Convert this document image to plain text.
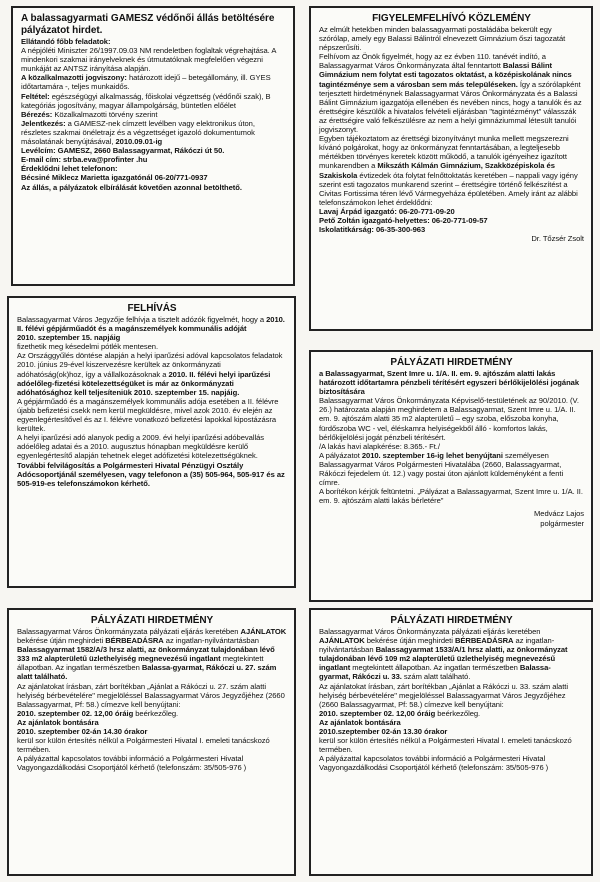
A balassagyarmati GAMESZ védőnői állás betöltésére pályázatot hirdet.

Ellátandó főbb feladatok:

A népjóléti Miniszter 26/1997.09.03 NM rendeletben foglaltak végrehajtása. A mindenkori szakmai irányelveknek és útmutatóknak megfelelően végezni munkáját az ANTSZ irányítása alapján.

A közalkalmazotti jogviszony: határozott idejű – betegállomány, ill. GYES időtartamára -, teljes munkaidős.

Feltétel: egészségügyi alkalmasság, főiskolai végzettség (védőnői szak), B kategóriás jogosítvány, magyar állampolgárság, büntetlen előélet

Bérezés: Közalkalmazotti törvény szerint

Jelentkezés: a GAMESZ-nek címzett levélben vagy elektronikus úton, részletes szakmai önéletrajz és a végzettséget igazoló dokumentumok másolatának benyújtásával, 2010.09.01-ig

Levélcím: GAMESZ, 2660 Balassagyarmat, Rákóczi út 50.

E-mail cím: strba.eva@profinter .hu

Érdeklődni lehet telefonon:

Bécsiné Miklecz Marietta igazgatónál 06-20/771-0937

Az állás, a pályázatok elbírálását követően azonnal betölthető.

FIGYELEMFELHÍVÓ KÖZLEMÉNY

Az elmúlt hetekben minden balassagyarmati postaládába bekerült egy szórólap, amely egy Balassi Bálintról elnevezett Gimnázium őszi tagozatát népszerűsíti.

Felhívom az Önök figyelmét, hogy az ez évben 110. tanévét indító, a Balassagyarmat Város Önkormányzata által fenntartott Balassi Bálint Gimnázium nem folytat esti tagozatos oktatást, a középiskolának nincs tagintézménye sem a városban sem más településeken. Így a szórólapként terjesztett hirdetménynek Balassagyarmat Város Önkormányzata és a Balassi Bálint Gimnázium igazgatója ellenében és nevében nincs, hogy a tanulók és az érettségire készülők a hivatalos felvételi eljárásban "tagintézményt" válasszák az érettségire való felkészülésre az nem a helyi gimnáziummal létesült tanulói jogviszonyt.

Egyben tájékoztatom az érettségi bizonyítványt munka mellett megszerezni kívánó polgárokat, hogy az önkormányzat fenntartásában, a legteljesebb mértékben törvényes keretek között működő, a tanulók igényeihez igazított munkarendben a Mikszáth Kálmán Gimnázium, Szakközépiskola és Szakiskola évtizedek óta folytat felnőttoktatás keretében – nappali vagy igény szerint esti tagozatos munkarend szerint – érettségire történő felkészítést a Civitas Fortissima téren lévő Vármegyeháza épületében. Amely iránt az alábbi telefonszámokon lehet érdeklődni:

Lavaj Árpád igazgató: 06-20-771-09-20

Pető Zoltán igazgató-helyettes: 06-20-771-09-57

Iskolatitkárság: 06-35-300-963

Dr. Tőzsér Zsolt

FELHÍVÁS

Balassagyarmat Város Jegyzője felhívja a tisztelt adózók figyelmét, hogy a 2010. II. félévi gépjárműadót és a magánszemélyek kommunális adóját

2010. szeptember 15. napjáig

fizethetik meg késedelmi pótlék mentesen.

Az Országgyűlés döntése alapján a helyi iparűzési adóval kapcsolatos feladatok 2010. június 29-ével kiszervezésre kerültek az önkormányzati adóhatóság(ok)hoz, így a vállalkozásoknak a 2010. II. félévi helyi iparűzési adóelőleg-fizetési kötelezettségüket is már az önkormányzati adóhatósághoz kell teljesíteniük 2010. szeptember 15. napjáig.

A gépjárműadó és a magánszemélyek kommunális adója esetében a II. félévre újabb befizetési csekk nem kerül megküldésre, mivel azok 2010. év elején az egyenlegértesítővel és az I. félévre vonatkozó befizetési lapokkal kipostázásra kerültek.

A helyi iparűzési adó alanyok pedig a 2009. évi helyi iparűzési adóbevallás adóelőleg adatai és a 2010. augusztus hónapban megküldésre kerülő egyenlegértesítő alapján tehetnek eleget adófizetési kötelezettségüknek.

További felvilágosítás a Polgármesteri Hivatal Pénzügyi Osztály Adócsoportjánál személyesen, vagy telefonon a (35) 505-964, 505-917 és az 505-919-es telefonszámokon kérhető.

PÁLYÁZATI HIRDETMÉNY

a Balassagyarmat, Szent Imre u. 1/A. II. em. 9. ajtószám alatti lakás határozott időtartamra pénzbeli térítésért egyszeri bérlőkijelölési jogának biztosítására

Balassagyarmat Város Önkormányzata Képviselő-testületének az 90/2010. (V. 26.) határozata alapján meghirdetem a Balassagyarmat, Szent Imre u. 1/A. II. em. 9. ajtószám alatti 35 m2 alapterületű – egy szoba, előszoba konyha, fürdőszoba WC - vel, éléskamra helyiségekből álló - komfortos lakás, bérlőkijelölési jogát pénzbeli térítésért.

/A lakás havi alapkérése: 8.365.- Ft./

A pályázatot 2010. szeptember 16-ig lehet benyújtani személyesen Balassagyarmat Város Polgármesteri Hivatalába (2660, Balassagyarmat, Rákóczi fejedelem út. 12.) vagy postai úton ajánlott küldeményként a fenti címre.

A borítékon kérjük feltüntetni. „Pályázat a Balassagyarmat, Szent Imre u. 1/A. II. em. 9. ajtószám alatti lakás bérletére"

Medvácz Lajos

polgármester

PÁLYÁZATI HIRDETMÉNY

Balassagyarmat Város Önkormányzata pályázati eljárás keretében AJÁNLATOK bekérése útján meghirdeti BÉRBEADÁSRA az ingatlan-nyilvántartásban Balassagyarmat 1582/A/3 hrsz alatti, az önkormányzat tulajdonában lévő 333 m2 alapterületű üzlethelyiség megnevezésű ingatlant megtekintett állapotban. Az ingatlan természetben Balassa-gyarmat, Rákóczi u. 27. szám alatt található.

Az ajánlatokat írásban, zárt borítékban „Ajánlat a Rákóczi u. 27. szám alatti helyiség bérbevételére" megjelöléssel Balassagyarmat Város Jegyzőjéhez (2660 Balassagyarmat, Pf: 58.) címezve kell benyújtani:

2010. szeptember 02. 12,00 óráig beérkezőleg.

Az ajánlatok bontására

2010. szeptember 02-án 14.30 órakor

kerül sor külön értesítés nélkül a Polgármesteri Hivatal I. emeleti tanácskozó termében.

A pályázattal kapcsolatos további információ a Polgármesteri Hivatal Vagyongazdálkodási Csoportjától kérhető (telefonszám: 35/505-976 )

PÁLYÁZATI HIRDETMÉNY

Balassagyarmat Város Önkormányzata pályázati eljárás keretében AJÁNLATOK bekérése útján meghirdeti BÉRBEADÁSRA az ingatlan-nyilvántartásban Balassagyarmat 1533/A/1 hrsz alatti, az önkormányzat tulajdonában lévő 109 m2 alapterületű üzlethelyiség megnevezésű ingatlant megtekintett állapotban. Az ingatlan természetben Balassa- gyarmat, Rákóczi u. 33. szám alatt található.

Az ajánlatokat írásban, zárt borítékban „Ajánlat a Rákóczi u. 33. szám alatti helyiség bérbevételére" megjelöléssel Balassagyarmat Város Jegyzőjéhez (2660 Balassagyarmat, Pf: 58.) címezve kell benyújtani:

2010. szeptember 02. 12,00 óráig beérkezőleg.

Az ajánlatok bontására

2010.szeptember 02-án 13.30 órakor

kerül sor külön értesítés nélkül a Polgármesteri Hivatal I. emeleti tanácskozó termében.

A pályázattal kapcsolatos további információ a Polgármesteri Hivatal Vagyongazdálkodási Csoportjától kérhető (telefonszám: 35/505-976 )
